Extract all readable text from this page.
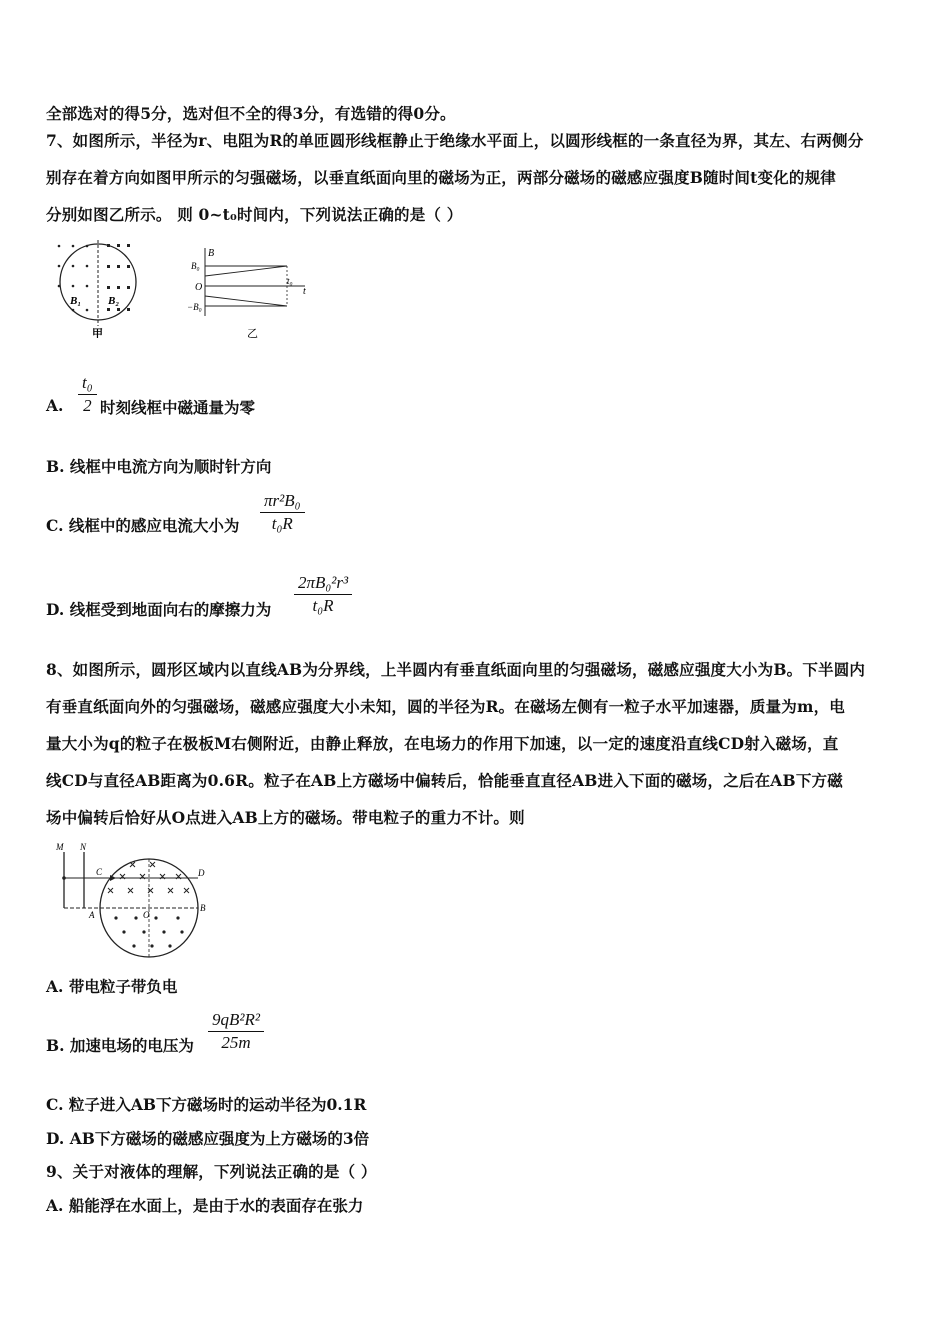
全部选对的得5分，选对但不全的得3分，有选错的得0分。
7、如图所示，半径为r、电阻为R的单匝圆形线框静止于绝缘水平面上，以圆形线框的一条直径为界，其左、右两侧分
别存在着方向如图甲所示的匀强磁场，以垂直纸面向里的磁场为正，两部分磁场的磁感应强度B随时间t变化的规律
分别如图乙所示。 则 0~t₀时间内，下列说法正确的是（ ）
B₁ B₂
甲
B
t
O
B₀
−B₀
t₀
乙
A. $\frac{\text{t₀}}{2}$ 时刻线框中磁通量为零
B. 线框中电流方向为顺时针方向
C. 线框中的感应电流大小为 $\frac{\text{πr²B₀}}{\text{t₀R}}$
D. 线框受到地面向右的摩擦力为 $\frac{\text{2πB₀²r³}}{\text{t₀R}}$
8、如图所示，圆形区域内以直线AB为分界线，上半圆内有垂直纸面向里的匀强磁场，磁感应强度大小为B。下半圆内
有垂直纸面向外的匀强磁场，磁感应强度大小未知，圆的半径为R。在磁场左侧有一粒子水平加速器，质量为m，电
量大小为q的粒子在极板M右侧附近，由静止释放，在电场力的作用下加速，以一定的速度沿直线CD射入磁场，直
线CD与直径AB距离为0.6R。粒子在AB上方磁场中偏转后，恰能垂直直径AB进入下面的磁场，之后在AB下方磁
场中偏转后恰好从O点进入AB上方的磁场。带电粒子的重力不计。则
M N
C	D
A
B
O
A. 带电粒子带负电
B. 加速电场的电压为 $\frac{\text{9qB²R²}}{25m}$
C. 粒子进入AB下方磁场时的运动半径为0.1R
D. AB下方磁场的磁感应强度为上方磁场的3倍
9、关于对液体的理解，下列说法正确的是（ ）
A. 船能浮在水面上，是由于水的表面存在张力
